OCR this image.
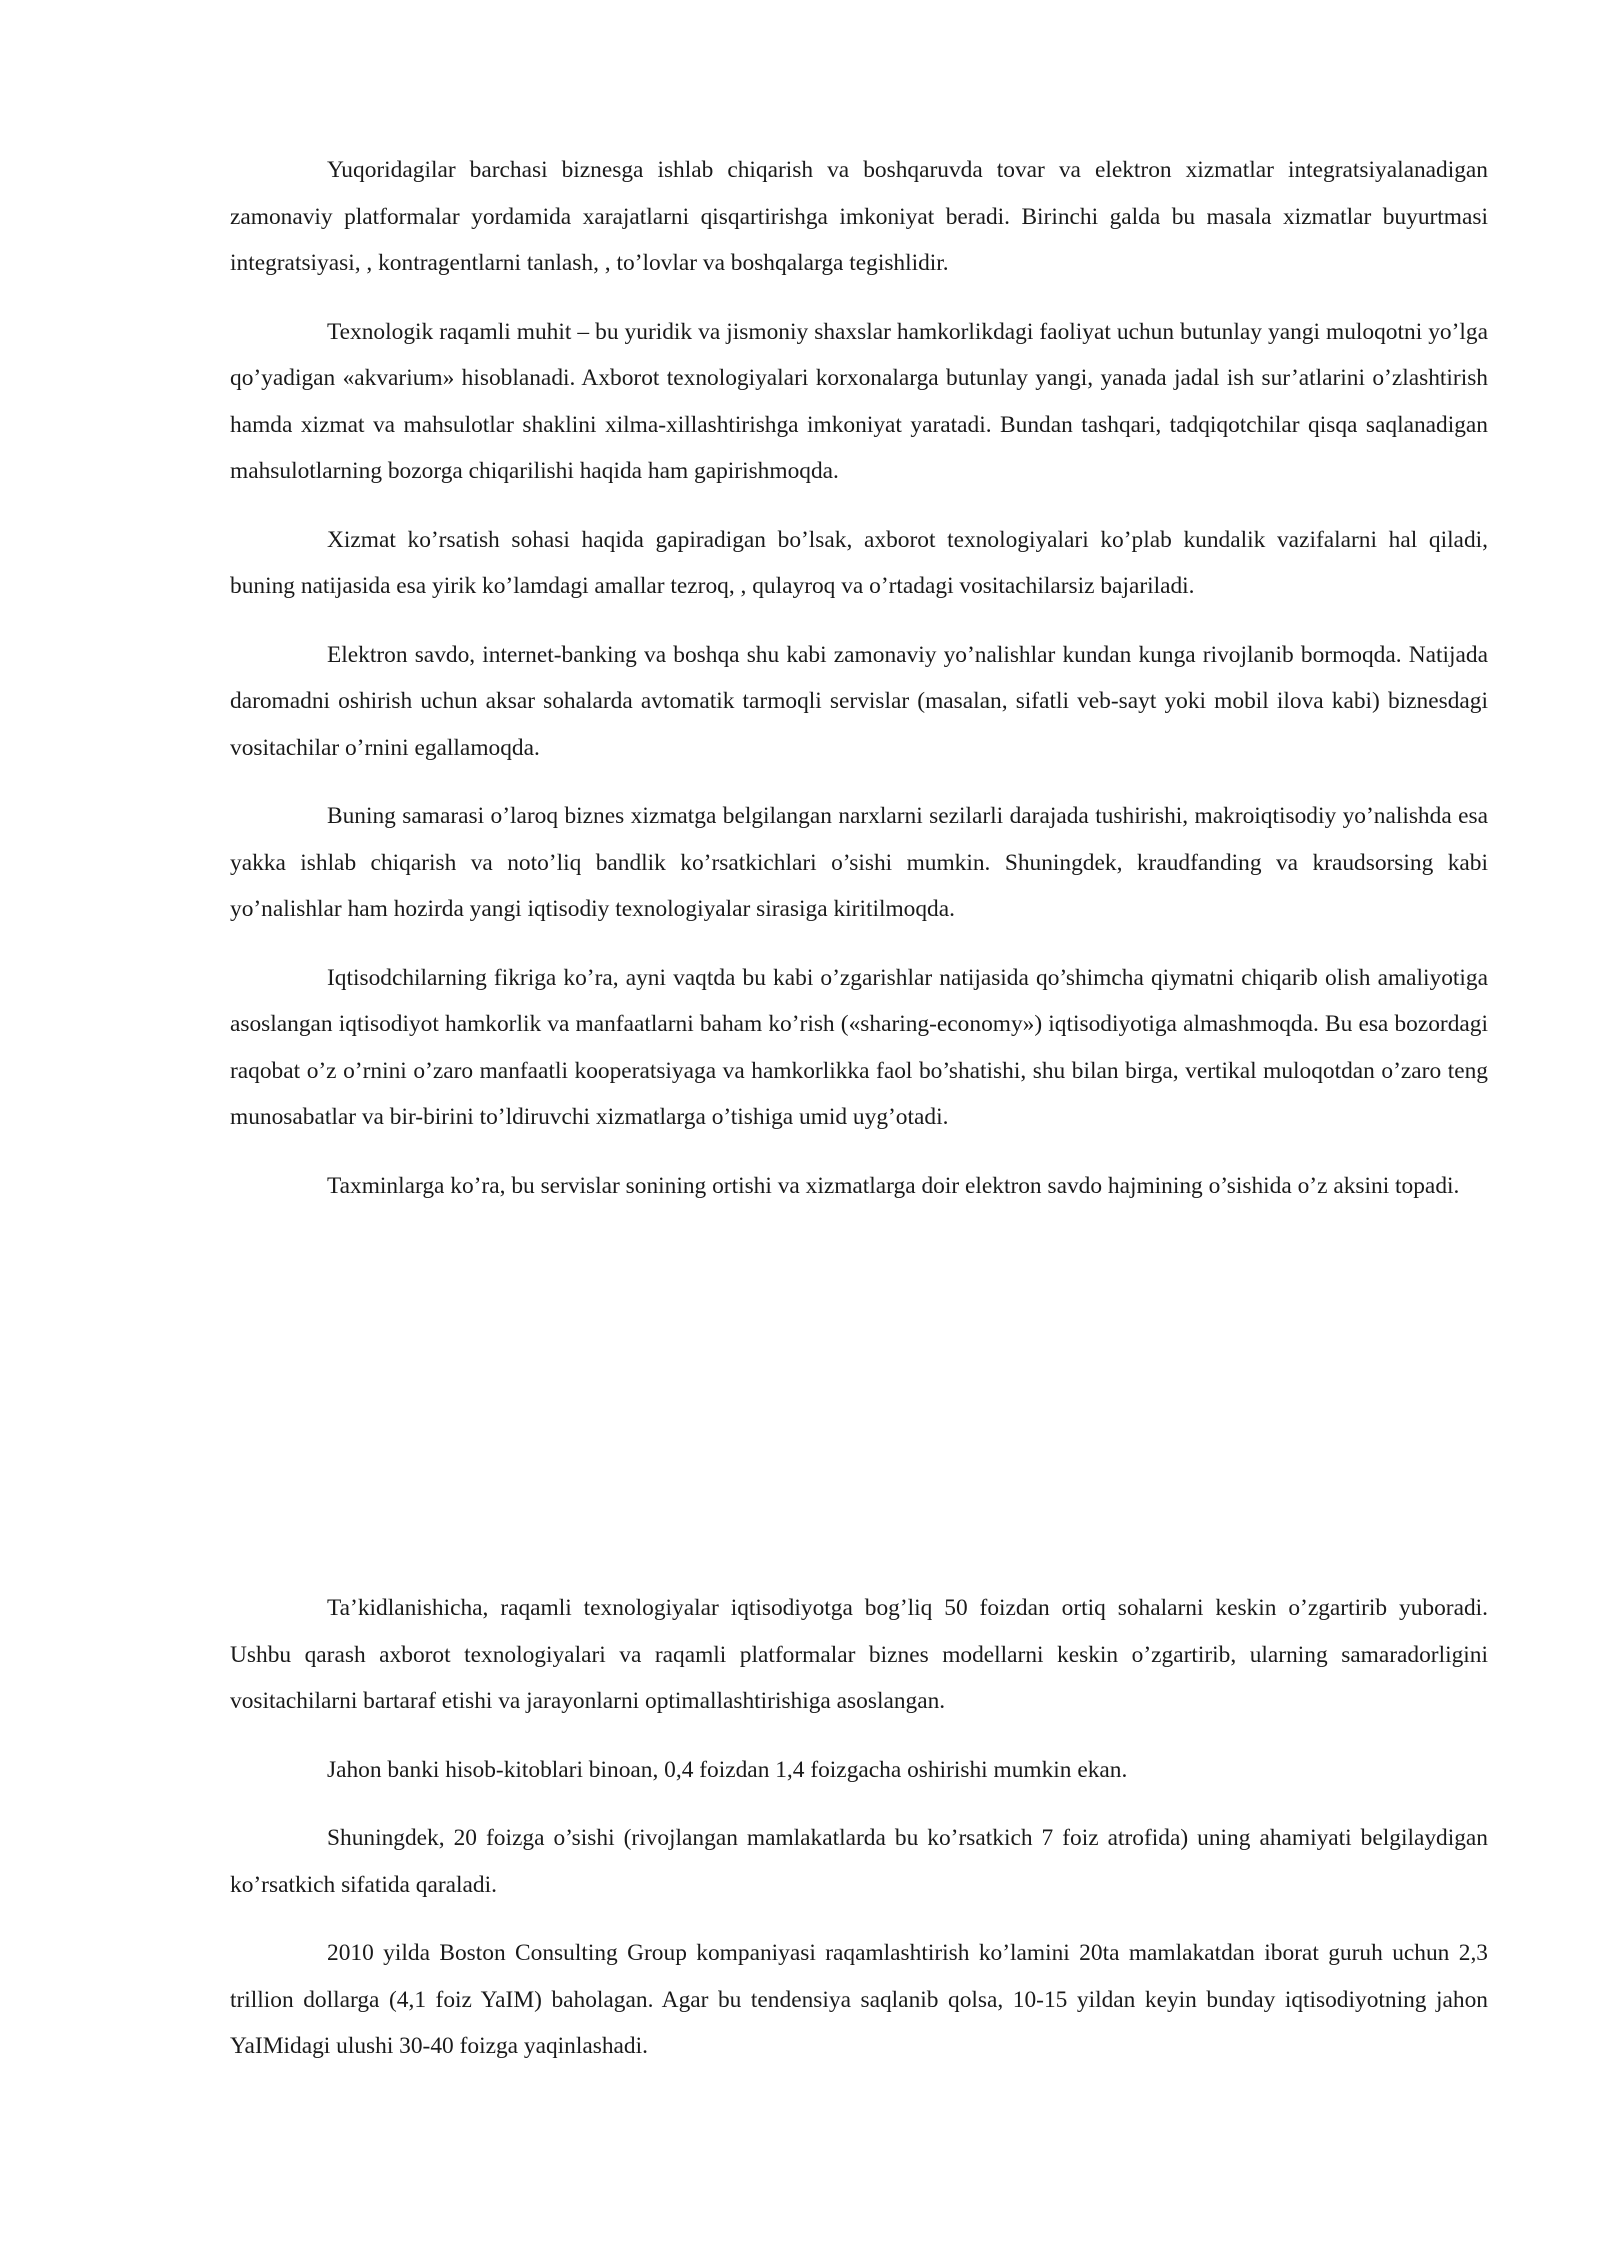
Yuqoridagilar barchasi biznesga ishlab chiqarish va boshqaruvda tovar va elektron xizmatlar integratsiyalanadigan zamonaviy platformalar yordamida xarajatlarni qisqartirishga imkoniyat beradi. Birinchi galda bu masala xizmatlar buyurtmasi integratsiyasi, , kontragentlarni tanlash, , to’lovlar va boshqalarga tegishlidir.

Texnologik raqamli muhit – bu yuridik va jismoniy shaxslar hamkorlikdagi faoliyat uchun butunlay yangi muloqotni yo’lga qo’yadigan «akvarium» hisoblanadi. Axborot texnologiyalari korxonalarga butunlay yangi, yanada jadal ish sur’atlarini o’zlashtirish hamda xizmat va mahsulotlar shaklini xilma-xillashtirishga imkoniyat yaratadi. Bundan tashqari, tadqiqotchilar qisqa saqlanadigan mahsulotlarning bozorga chiqarilishi haqida ham gapirishmoqda.

Xizmat ko’rsatish sohasi haqida gapiradigan bo’lsak, axborot texnologiyalari ko’plab kundalik vazifalarni hal qiladi, buning natijasida esa yirik ko’lamdagi amallar tezroq, , qulayroq va o’rtadagi vositachilarsiz bajariladi.

Elektron savdo, internet-banking va boshqa shu kabi zamonaviy yo’nalishlar kundan kunga rivojlanib bormoqda. Natijada daromadni oshirish uchun aksar sohalarda avtomatik tarmoqli servislar (masalan, sifatli veb-sayt yoki mobil ilova kabi) biznesdagi vositachilar o’rnini egallamoqda.

Buning samarasi o’laroq biznes xizmatga belgilangan narxlarni sezilarli darajada tushirishi, makroiqtisodiy yo’nalishda esa yakka ishlab chiqarish va noto’liq bandlik ko’rsatkichlari o’sishi mumkin. Shuningdek, kraudfanding va kraudsorsing kabi yo’nalishlar ham hozirda yangi iqtisodiy texnologiyalar sirasiga kiritilmoqda.

Iqtisodchilarning fikriga ko’ra, ayni vaqtda bu kabi o’zgarishlar natijasida qo’shimcha qiymatni chiqarib olish amaliyotiga asoslangan iqtisodiyot hamkorlik va manfaatlarni baham ko’rish («sharing-economy») iqtisodiyotiga almashmoqda. Bu esa bozordagi raqobat o’z o’rnini o’zaro manfaatli kooperatsiyaga va hamkorlikka faol bo’shatishi, shu bilan birga, vertikal muloqotdan o’zaro teng munosabatlar va bir-birini to’ldiruvchi xizmatlarga o’tishiga umid uyg’otadi.

Taxminlarga ko’ra, bu servislar sonining ortishi va xizmatlarga doir elektron savdo hajmining o’sishida o’z aksini topadi.

Ta’kidlanishicha, raqamli texnologiyalar iqtisodiyotga bog’liq 50 foizdan ortiq sohalarni keskin o’zgartirib yuboradi. Ushbu qarash axborot texnologiyalari va raqamli platformalar biznes modellarni keskin o’zgartirib, ularning samaradorligini vositachilarni bartaraf etishi va jarayonlarni optimallashtirishiga asoslangan.

Jahon banki hisob-kitoblari binoan, 0,4 foizdan 1,4 foizgacha oshirishi mumkin ekan.

Shuningdek, 20 foizga o’sishi (rivojlangan mamlakatlarda bu ko’rsatkich 7 foiz atrofida) uning ahamiyati belgilaydigan ko’rsatkich sifatida qaraladi.

2010 yilda Boston Consulting Group kompaniyasi raqamlashtirish ko’lamini 20ta mamlakatdan iborat guruh uchun 2,3 trillion dollarga (4,1 foiz YaIM) baholagan. Agar bu tendensiya saqlanib qolsa, 10-15 yildan keyin bunday iqtisodiyotning jahon YaIMidagi ulushi 30-40 foizga yaqinlashadi.
